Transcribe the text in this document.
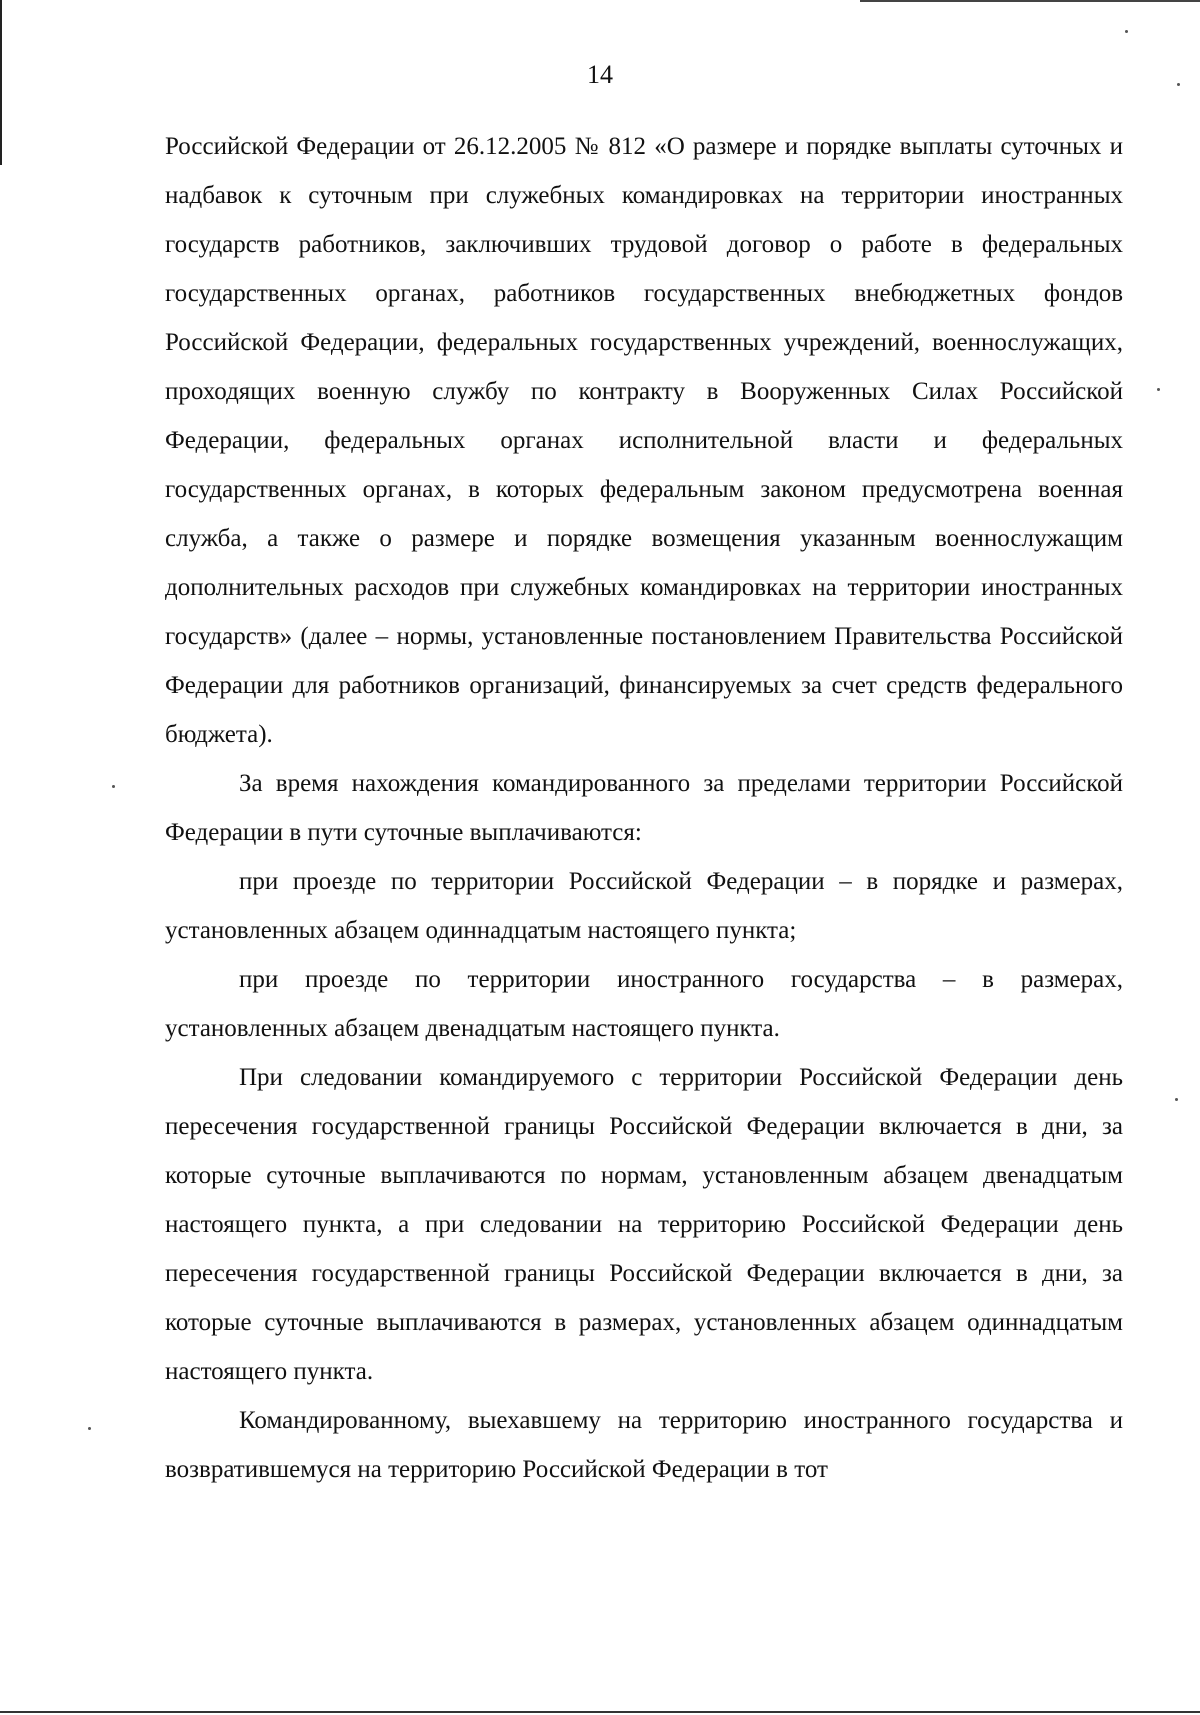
14

Российской Федерации от 26.12.2005 № 812 «О размере и порядке выплаты суточных и надбавок к суточным при служебных командировках на территории иностранных государств работников, заключивших трудовой договор о работе в федеральных государственных органах, работников государственных внебюджетных фондов Российской Федерации, федеральных государственных учреждений, военнослужащих, проходящих военную службу по контракту в Вооруженных Силах Российской Федерации, федеральных органах исполнительной власти и федеральных государственных органах, в которых федеральным законом предусмотрена военная служба, а также о размере и порядке возмещения указанным военнослужащим дополнительных расходов при служебных командировках на территории иностранных государств» (далее – нормы, установленные постановлением Правительства Российской Федерации для работников организаций, финансируемых за счет средств федерального бюджета).

За время нахождения командированного за пределами территории Российской Федерации в пути суточные выплачиваются:

при проезде по территории Российской Федерации – в порядке и размерах, установленных абзацем одиннадцатым настоящего пункта;

при проезде по территории иностранного государства – в размерах, установленных абзацем двенадцатым настоящего пункта.

При следовании командируемого с территории Российской Федерации день пересечения государственной границы Российской Федерации включается в дни, за которые суточные выплачиваются по нормам, установленным абзацем двенадцатым настоящего пункта, а при следовании на территорию Российской Федерации день пересечения государственной границы Российской Федерации включается в дни, за которые суточные выплачиваются в размерах, установленных абзацем одиннадцатым настоящего пункта.

Командированному, выехавшему на территорию иностранного государства и возвратившемуся на территорию Российской Федерации в тот
